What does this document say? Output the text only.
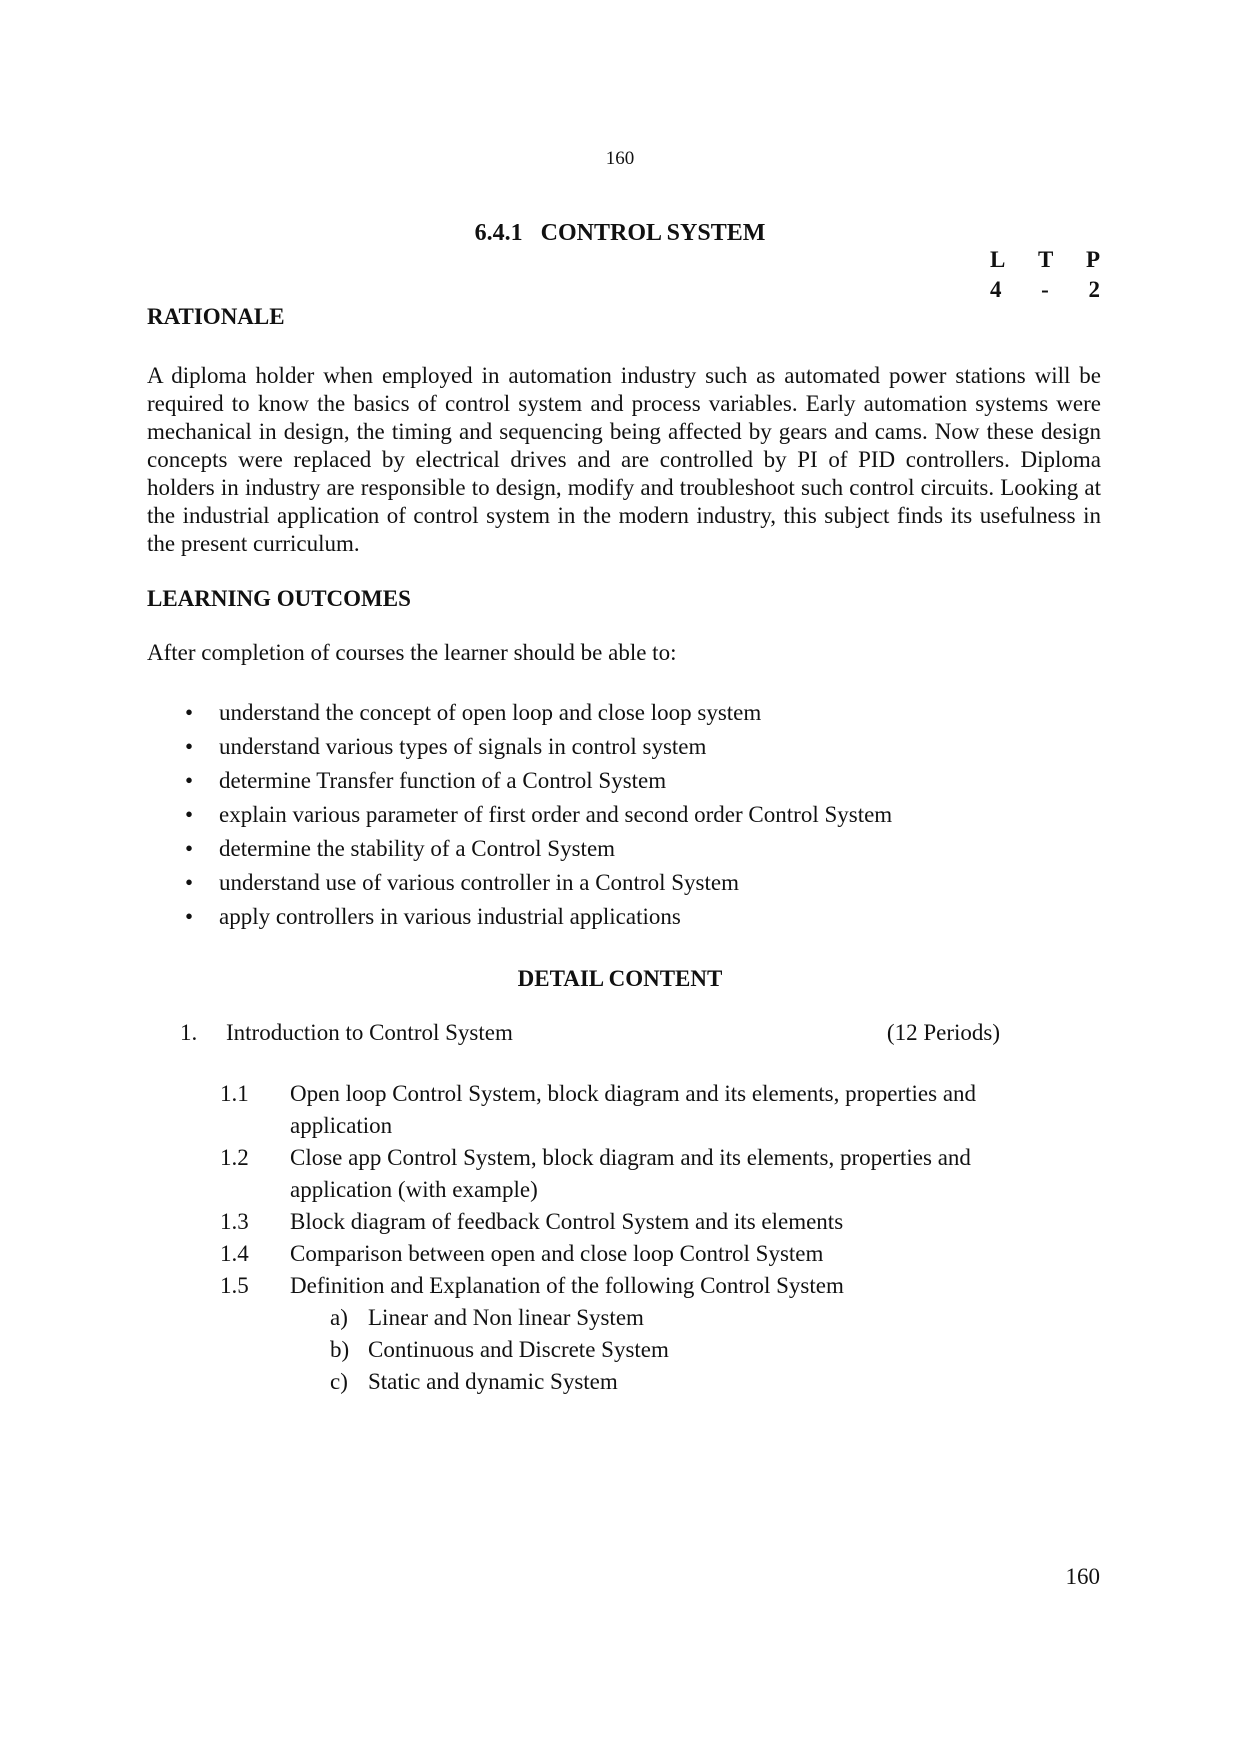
160
6.4.1 CONTROL SYSTEM
L T P
4 - 2
RATIONALE
A diploma holder when employed in automation industry such as automated power stations will be required to know the basics of control system and process variables. Early automation systems were mechanical in design, the timing and sequencing being affected by gears and cams. Now these design concepts were replaced by electrical drives and are controlled by PI of PID controllers. Diploma holders in industry are responsible to design, modify and troubleshoot such control circuits. Looking at the industrial application of control system in the modern industry, this subject finds its usefulness in the present curriculum.
LEARNING OUTCOMES
After completion of courses the learner should be able to:
• understand the concept of open loop and close loop system
• understand various types of signals in control system
• determine Transfer function of a Control System
• explain various parameter of first order and second order Control System
• determine the stability of a Control System
• understand use of various controller in a Control System
• apply controllers in various industrial applications
DETAIL CONTENT
1.	Introduction to Control System	(12 Periods)
1.1	Open loop Control System, block diagram and its elements, properties and application
1.2	Close app Control System, block diagram and its elements, properties and application (with example)
1.3	Block diagram of feedback Control System and its elements
1.4	Comparison between open and close loop Control System
1.5	Definition and Explanation of the following Control System
a) Linear and Non linear System
b) Continuous and Discrete System
c) Static and dynamic System
160
